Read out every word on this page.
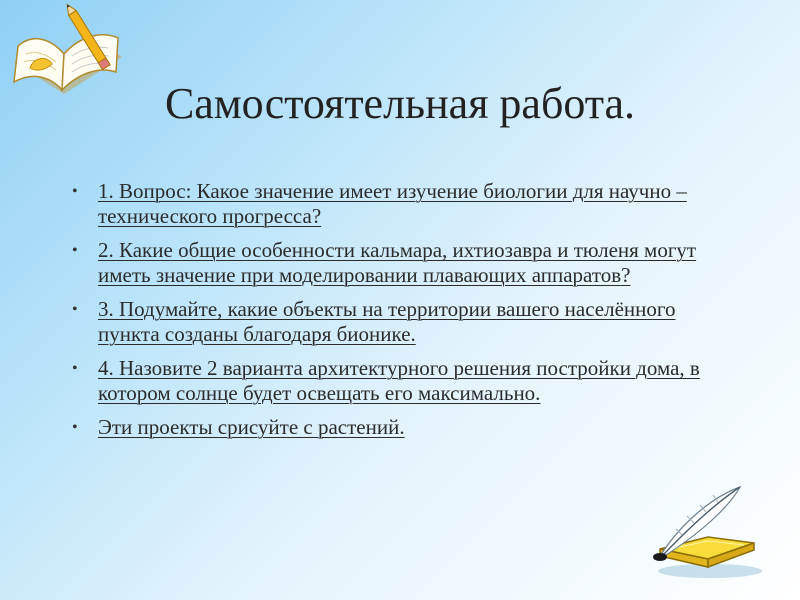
Самостоятельная работа.
• 1. Вопрос: Какое значение имеет изучение биологии для научно – технического прогресса?
• 2. Какие общие особенности кальмара, ихтиозавра и тюленя могут иметь значение при моделировании плавающих аппаратов?
• 3. Подумайте, какие объекты на территории вашего населённого пункта созданы благодаря бионике.
• 4. Назовите 2 варианта архитектурного решения постройки дома, в котором солнце будет освещать его максимально.
• Эти проекты срисуйте с растений.
